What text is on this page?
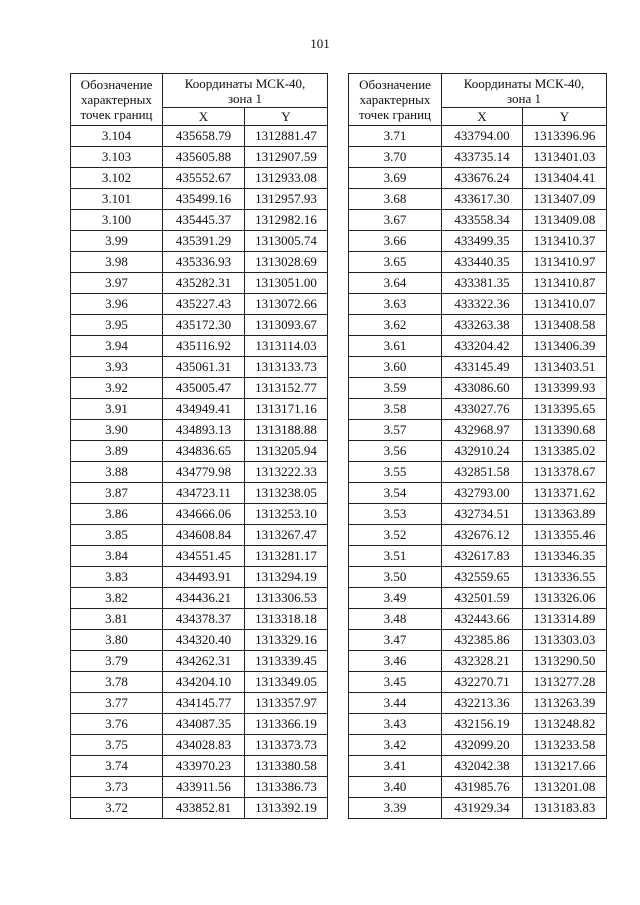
101
Обозначение
характерных
точек границ	Координаты МСК-40,
зона 1	
	X	Y
3.104	435658.79	1312881.47
3.103	435605.88	1312907.59
3.102	435552.67	1312933.08
3.101	435499.16	1312957.93
3.100	435445.37	1312982.16
3.99	435391.29	1313005.74
3.98	435336.93	1313028.69
3.97	435282.31	1313051.00
3.96	435227.43	1313072.66
3.95	435172.30	1313093.67
3.94	435116.92	1313114.03
3.93	435061.31	1313133.73
3.92	435005.47	1313152.77
3.91	434949.41	1313171.16
3.90	434893.13	1313188.88
3.89	434836.65	1313205.94
3.88	434779.98	1313222.33
3.87	434723.11	1313238.05
3.86	434666.06	1313253.10
3.85	434608.84	1313267.47
3.84	434551.45	1313281.17
3.83	434493.91	1313294.19
3.82	434436.21	1313306.53
3.81	434378.37	1313318.18
3.80	434320.40	1313329.16
3.79	434262.31	1313339.45
3.78	434204.10	1313349.05
3.77	434145.77	1313357.97
3.76	434087.35	1313366.19
3.75	434028.83	1313373.73
3.74	433970.23	1313380.58
3.73	433911.56	1313386.73
3.72	433852.81	1313392.19
Обозначение
характерных
точек границ	Координаты МСК-40,
зона 1	
	X	Y
3.71	433794.00	1313396.96
3.70	433735.14	1313401.03
3.69	433676.24	1313404.41
3.68	433617.30	1313407.09
3.67	433558.34	1313409.08
3.66	433499.35	1313410.37
3.65	433440.35	1313410.97
3.64	433381.35	1313410.87
3.63	433322.36	1313410.07
3.62	433263.38	1313408.58
3.61	433204.42	1313406.39
3.60	433145.49	1313403.51
3.59	433086.60	1313399.93
3.58	433027.76	1313395.65
3.57	432968.97	1313390.68
3.56	432910.24	1313385.02
3.55	432851.58	1313378.67
3.54	432793.00	1313371.62
3.53	432734.51	1313363.89
3.52	432676.12	1313355.46
3.51	432617.83	1313346.35
3.50	432559.65	1313336.55
3.49	432501.59	1313326.06
3.48	432443.66	1313314.89
3.47	432385.86	1313303.03
3.46	432328.21	1313290.50
3.45	432270.71	1313277.28
3.44	432213.36	1313263.39
3.43	432156.19	1313248.82
3.42	432099.20	1313233.58
3.41	432042.38	1313217.66
3.40	431985.76	1313201.08
3.39	431929.34	1313183.83
